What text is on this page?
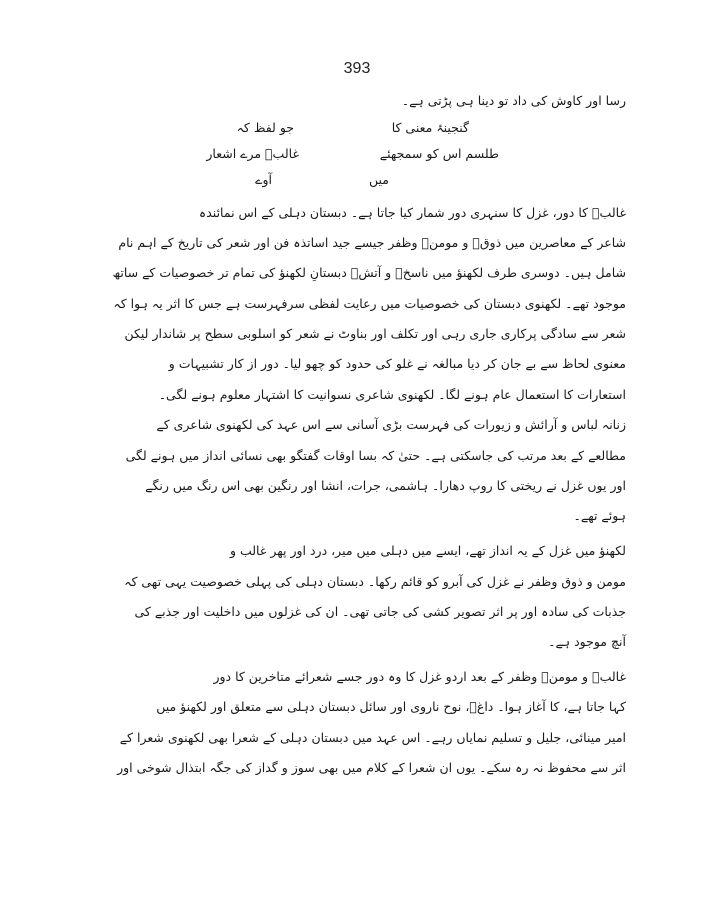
393
رسا اور کاوش کی داد تو دینا ہی پڑتی ہے۔
جو لفظ کہ	گنجینۂ معنی کا
غالبؔ مرے اشعار	طلسم اس کو سمجھئے
آوے	میں
غالبؔ کا دور، غزل کا سنہری دور شمار کیا جاتا ہے۔ دبستان دہلی کے اس نمائندہ
شاعر کے معاصرین میں ذوقؔ و مومنؔ وظفر جیسے جید اساتذہ فن اور شعر کی تاریخ کے اہم نام
شامل ہیں۔ دوسری طرف لکھنؤ میں ناسخؔ و آتشؔ دبستانِ لکھنؤ کی تمام تر خصوصیات کے ساتھ
موجود تھے۔ لکھنوی دبستان کی خصوصیات میں رعایت لفظی سرفہرست ہے جس کا اثر یہ ہوا کہ
شعر سے سادگی پرکاری جاری رہی اور تکلف اور بناوٹ نے شعر کو اسلوبی سطح پر شاندار لیکن
معنوی لحاظ سے بے جان کر دیا مبالغہ نے غلو کی حدود کو چھو لیا۔ دور از کار تشبیہات و
استعارات کا استعمال عام ہونے لگا۔ لکھنوی شاعری نسوانیت کا اشتہار معلوم ہونے لگی۔
زنانہ لباس و آرائش و زیورات کی فہرست بڑی آسانی سے اس عہد کی لکھنوی شاعری کے
مطالعے کے بعد مرتب کی جاسکتی ہے۔ حتیٰ کہ بسا اوقات گفتگو بھی نسائی انداز میں ہونے لگی
اور یوں غزل نے ریختی کا روپ دھارا۔ ہاشمی، جرات، انشا اور رنگین بھی اس رنگ میں رنگے
ہوئے تھے۔
لکھنؤ میں غزل کے یہ انداز تھے، ایسے میں دہلی میں میر، درد اور پھر غالب و
مومن و ذوق وظفر نے غزل کی آبرو کو قائم رکھا۔ دبستان دہلی کی پہلی خصوصیت یہی تھی کہ
جذبات کی سادہ اور پر اثر تصویر کشی کی جاتی تھی۔ ان کی غزلوں میں داخلیت اور جذبے کی
آنچ موجود ہے۔
غالبؔ و مومنؔ وظفر کے بعد اردو غزل کا وہ دور جسے شعرائے متاخرین کا دور
کہا جاتا ہے، کا آغاز ہوا۔ داغؔ، نوح ناروی اور سائل دبستان دہلی سے متعلق اور لکھنؤ میں
امیر مینائی، جلیل و تسلیم نمایاں رہے۔ اس عہد میں دبستان دہلی کے شعرا بھی لکھنوی شعرا کے
اثر سے محفوظ نہ رہ سکے۔ یوں ان شعرا کے کلام میں بھی سوز و گداز کی جگہ ابتذال شوخی اور
